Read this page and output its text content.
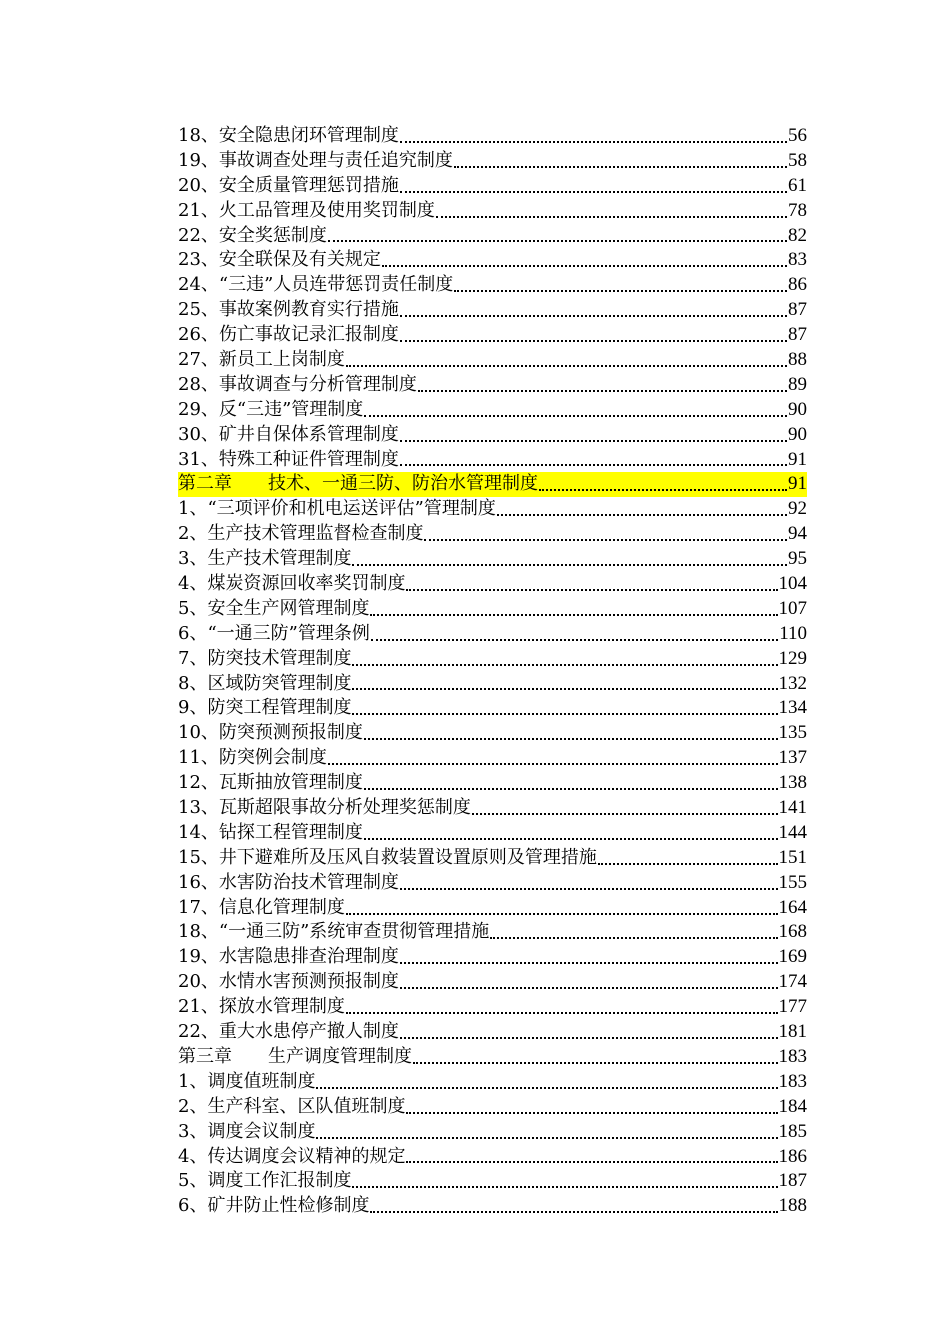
18、安全隐患闭环管理制度	56
19、事故调查处理与责任追究制度	58
20、安全质量管理惩罚措施	61
21、火工品管理及使用奖罚制度	78
22、安全奖惩制度	82
23、安全联保及有关规定	83
24、“三违”人员连带惩罚责任制度	86
25、事故案例教育实行措施	87
26、伤亡事故记录汇报制度	87
27、新员工上岗制度	88
28、事故调查与分析管理制度	89
29、反“三违”管理制度	90
30、矿井自保体系管理制度	90
31、特殊工种证件管理制度	91
第二章　　技术、一通三防、防治水管理制度	91
1、“三项评价和机电运送评估”管理制度	92
2、生产技术管理监督检查制度	94
3、生产技术管理制度	95
4、煤炭资源回收率奖罚制度	104
5、安全生产网管理制度	107
6、“一通三防”管理条例	110
7、防突技术管理制度	129
8、区域防突管理制度	132
9、防突工程管理制度	134
10、防突预测预报制度	135
11、防突例会制度	137
12、瓦斯抽放管理制度	138
13、瓦斯超限事故分析处理奖惩制度	141
14、钻探工程管理制度	144
15、井下避难所及压风自救装置设置原则及管理措施	151
16、水害防治技术管理制度	155
17、信息化管理制度	164
18、“一通三防”系统审查贯彻管理措施	168
19、水害隐患排查治理制度	169
20、水情水害预测预报制度	174
21、探放水管理制度	177
22、重大水患停产撤人制度	181
第三章　　生产调度管理制度	183
1、调度值班制度	183
2、生产科室、区队值班制度	184
3、调度会议制度	185
4、传达调度会议精神的规定	186
5、调度工作汇报制度	187
6、矿井防止性检修制度	188
